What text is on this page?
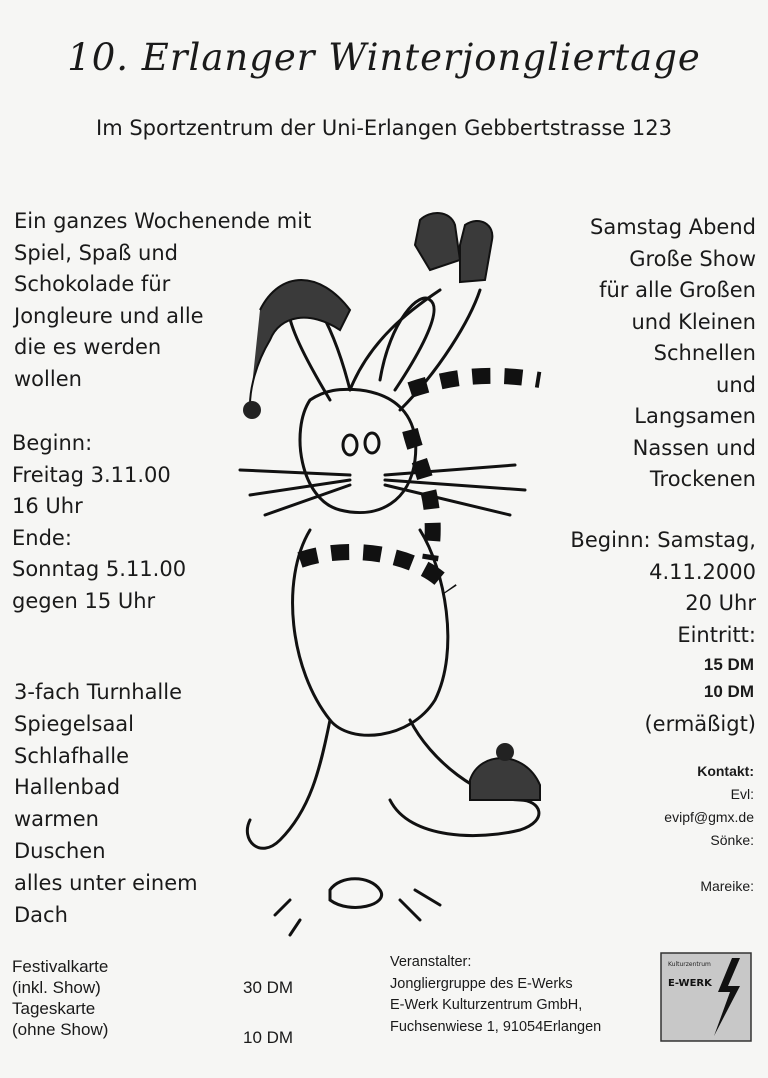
10. Erlanger Winterjongliertage
Im Sportzentrum der Uni-Erlangen Gebbertstrasse 123
Ein ganzes Wochenende mit
Spiel, Spaß und
Schokolade für
Jongleure und alle
die es werden
wollen
Beginn:
Freitag 3.11.00
16 Uhr
Ende:
Sonntag 5.11.00
gegen 15 Uhr
3-fach Turnhalle
Spiegelsaal
Schlafhalle
Hallenbad
warmen
Duschen
alles unter einem
Dach
Samstag Abend
Große Show
für alle Großen
und Kleinen
Schnellen
und
Langsamen
Nassen und
Trockenen
Beginn: Samstag,
4.11.2000
20 Uhr
Eintritt:
15 DM
10 DM
(ermäßigt)
Kontakt:
Evl:
evipf@gmx.de
Sönke:
Mareike:
Festivalkarte
(inkl. Show)
Tageskarte
(ohne Show)
30 DM
10 DM
Veranstalter:
Jongliergruppe des E-Werks
E-Werk Kulturzentrum GmbH,
Fuchsenwiese 1, 91054Erlangen
Kulturzentrum
E-WERK
